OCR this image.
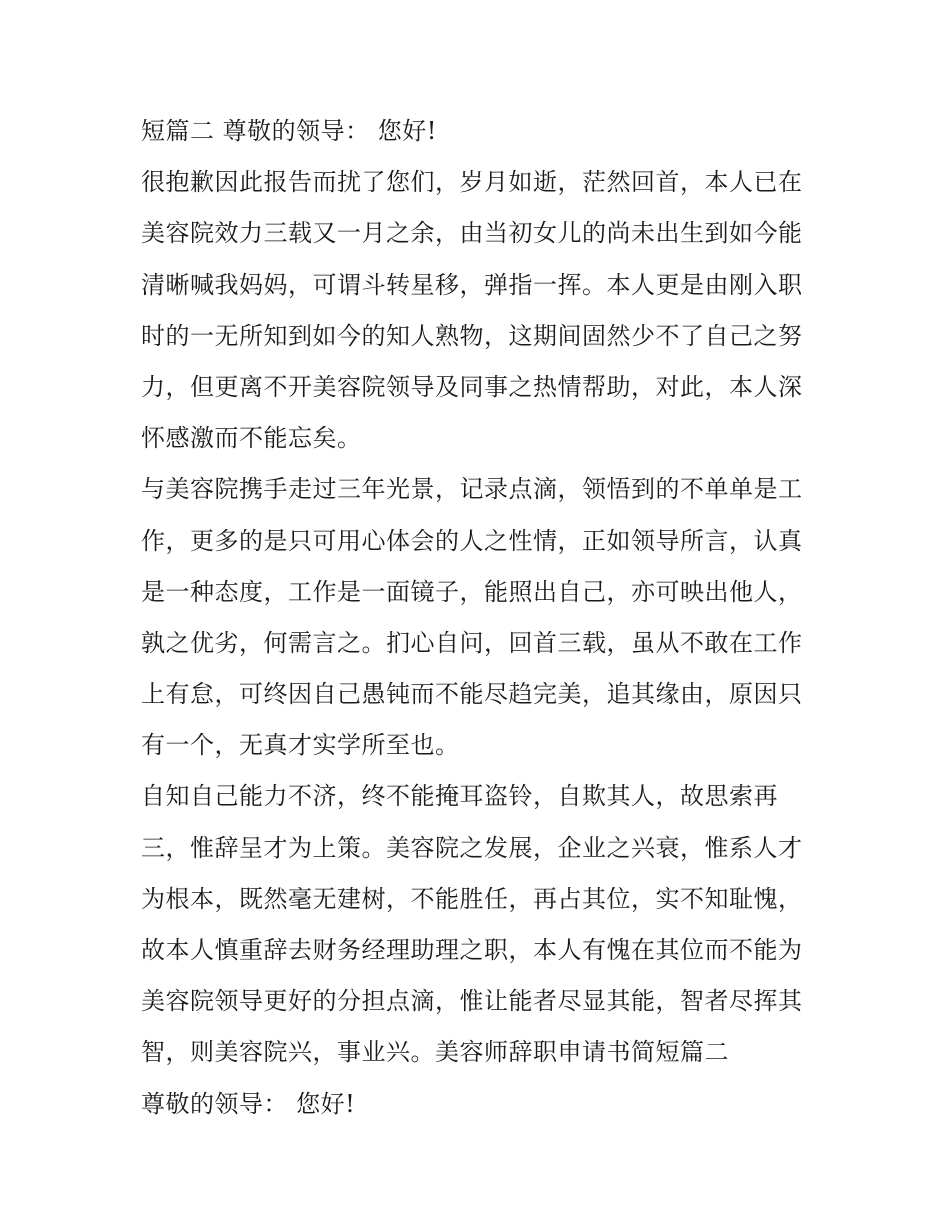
短篇二 尊敬的领导： 您好!
很抱歉因此报告而扰了您们，岁月如逝，茫然回首，本人已在
美容院效力三载又一月之余，由当初女儿的尚未出生到如今能
清晰喊我妈妈，可谓斗转星移，弹指一挥。本人更是由刚入职
时的一无所知到如今的知人熟物，这期间固然少不了自己之努
力，但更离不开美容院领导及同事之热情帮助，对此，本人深
怀感激而不能忘矣。
与美容院携手走过三年光景，记录点滴，领悟到的不单单是工
作，更多的是只可用心体会的人之性情，正如领导所言，认真
是一种态度，工作是一面镜子，能照出自己，亦可映出他人，
孰之优劣，何需言之。扪心自问，回首三载，虽从不敢在工作
上有怠，可终因自己愚钝而不能尽趋完美，追其缘由，原因只
有一个，无真才实学所至也。
自知自己能力不济，终不能掩耳盗铃，自欺其人，故思索再
三，惟辞呈才为上策。美容院之发展，企业之兴衰，惟系人才
为根本，既然毫无建树，不能胜任，再占其位，实不知耻愧，
故本人慎重辞去财务经理助理之职，本人有愧在其位而不能为
美容院领导更好的分担点滴，惟让能者尽显其能，智者尽挥其
智，则美容院兴，事业兴。美容师辞职申请书简短篇二
尊敬的领导： 您好!
